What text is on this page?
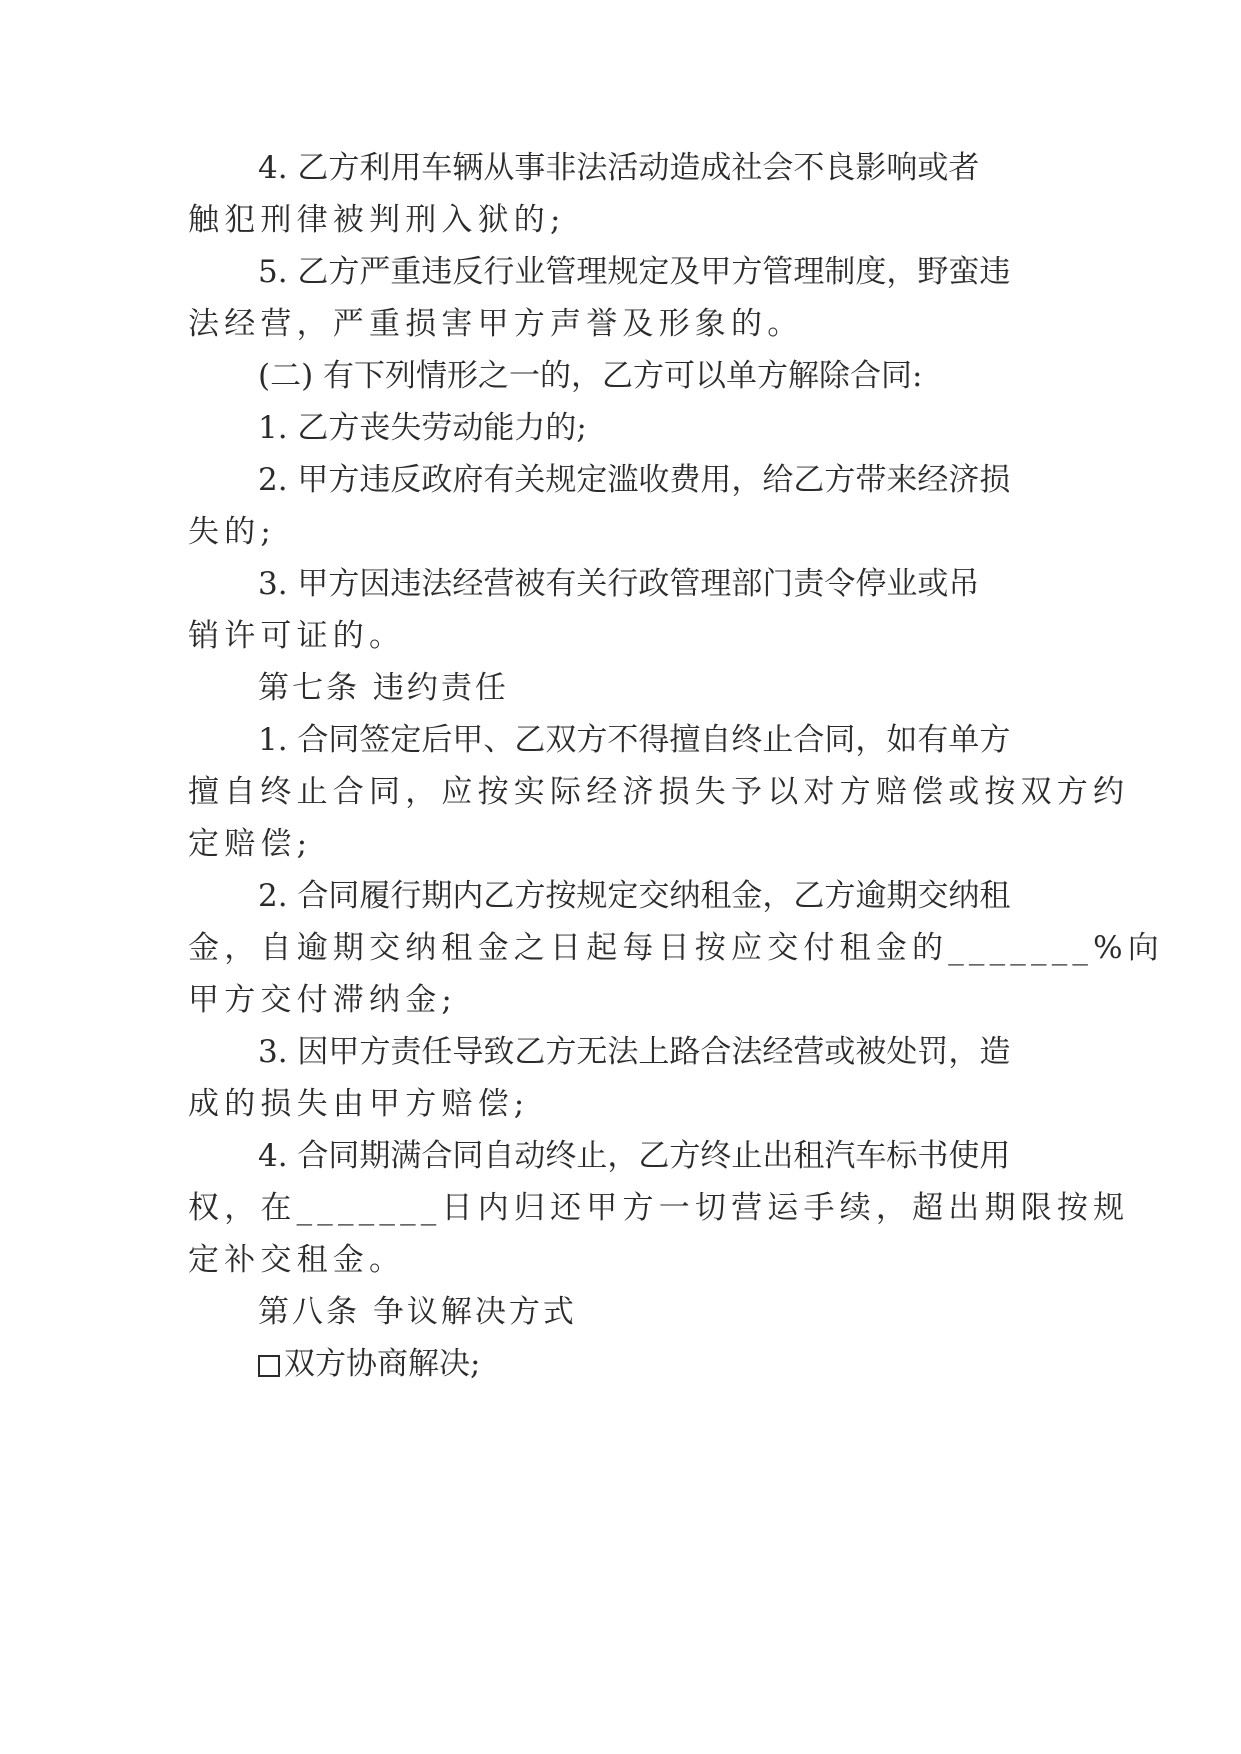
4. 乙方利用车辆从事非法活动造成社会不良影响或者
触犯刑律被判刑入狱的;
5. 乙方严重违反行业管理规定及甲方管理制度，野蛮违
法经营，严重损害甲方声誉及形象的。
(二) 有下列情形之一的，乙方可以单方解除合同:
1. 乙方丧失劳动能力的;
2. 甲方违反政府有关规定滥收费用，给乙方带来经济损
失的;
3. 甲方因违法经营被有关行政管理部门责令停业或吊
销许可证的。
第七条 违约责任
1. 合同签定后甲、乙双方不得擅自终止合同，如有单方
擅自终止合同，应按实际经济损失予以对方赔偿或按双方约
定赔偿;
2. 合同履行期内乙方按规定交纳租金，乙方逾期交纳租
金，自逾期交纳租金之日起每日按应交付租金的_______%向
甲方交付滞纳金;
3. 因甲方责任导致乙方无法上路合法经营或被处罚，造
成的损失由甲方赔偿;
4. 合同期满合同自动终止，乙方终止出租汽车标书使用
权，在_______日内归还甲方一切营运手续，超出期限按规
定补交租金。
第八条 争议解决方式
双方协商解决;
